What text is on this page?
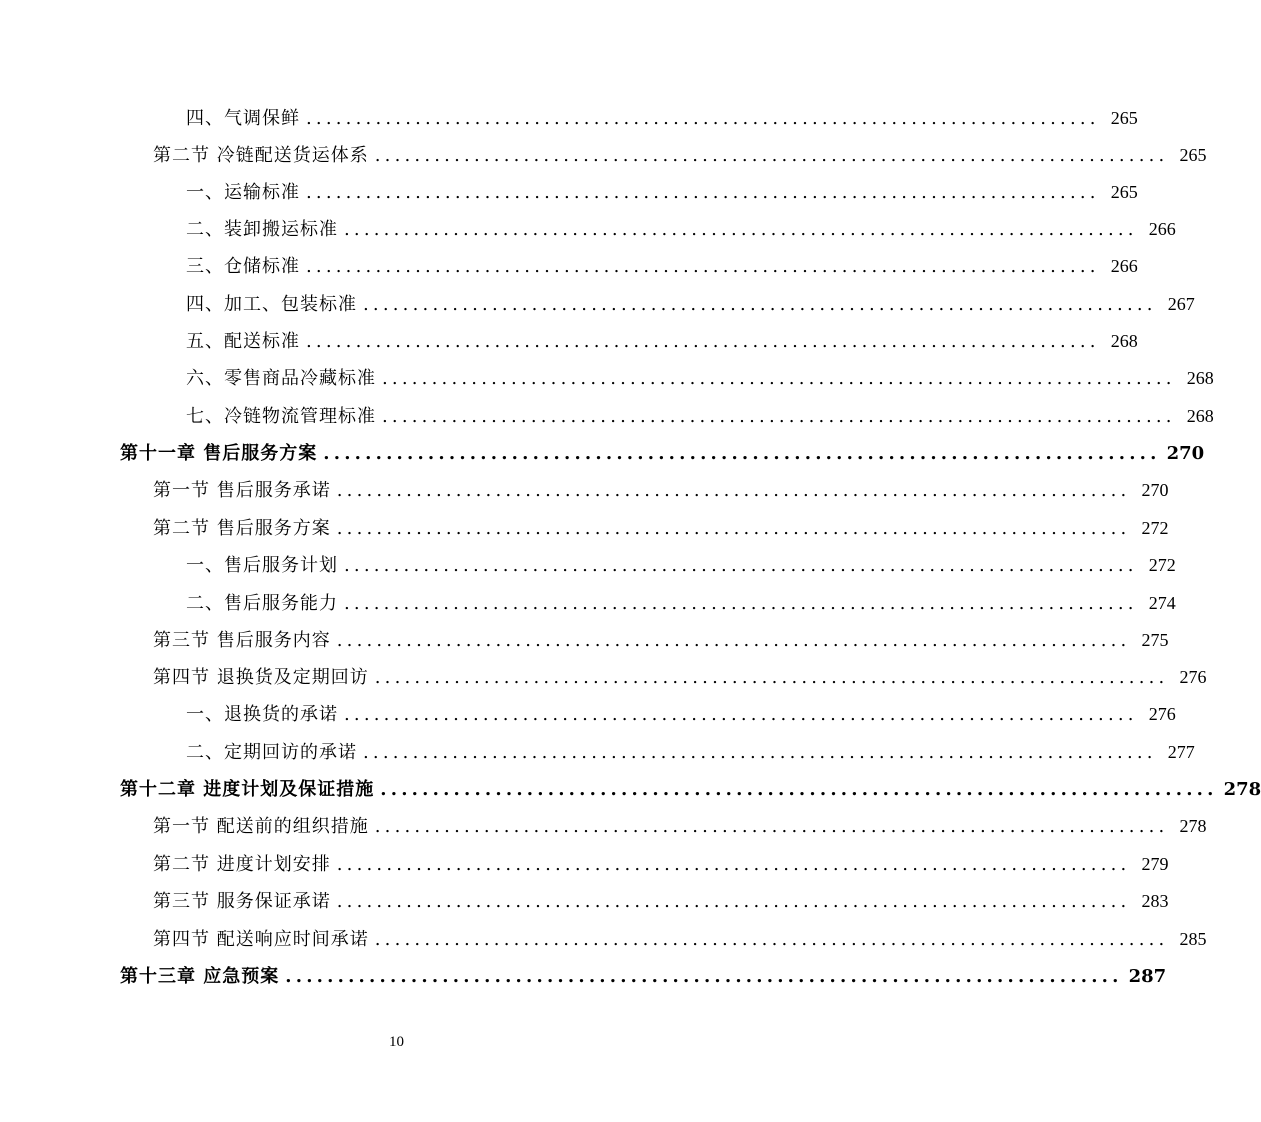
四、气调保鲜 ................................................................................ 265
第二节 冷链配送货运体系 ................................................................................ 265
一、运输标准 ................................................................................ 265
二、装卸搬运标准 ................................................................................ 266
三、仓储标准 ................................................................................ 266
四、加工、包装标准 ................................................................................ 267
五、配送标准 ................................................................................ 268
六、零售商品冷藏标准 ................................................................................ 268
七、冷链物流管理标准 ................................................................................ 268
第十一章 售后服务方案 ................................................................................ 270
第一节 售后服务承诺 ................................................................................ 270
第二节 售后服务方案 ................................................................................ 272
一、售后服务计划 ................................................................................ 272
二、售后服务能力 ................................................................................ 274
第三节 售后服务内容 ................................................................................ 275
第四节 退换货及定期回访 ................................................................................ 276
一、退换货的承诺 ................................................................................ 276
二、定期回访的承诺 ................................................................................ 277
第十二章 进度计划及保证措施 ................................................................................ 278
第一节 配送前的组织措施 ................................................................................ 278
第二节 进度计划安排 ................................................................................ 279
第三节 服务保证承诺 ................................................................................ 283
第四节 配送响应时间承诺 ................................................................................ 285
第十三章 应急预案 ................................................................................ 287
10
